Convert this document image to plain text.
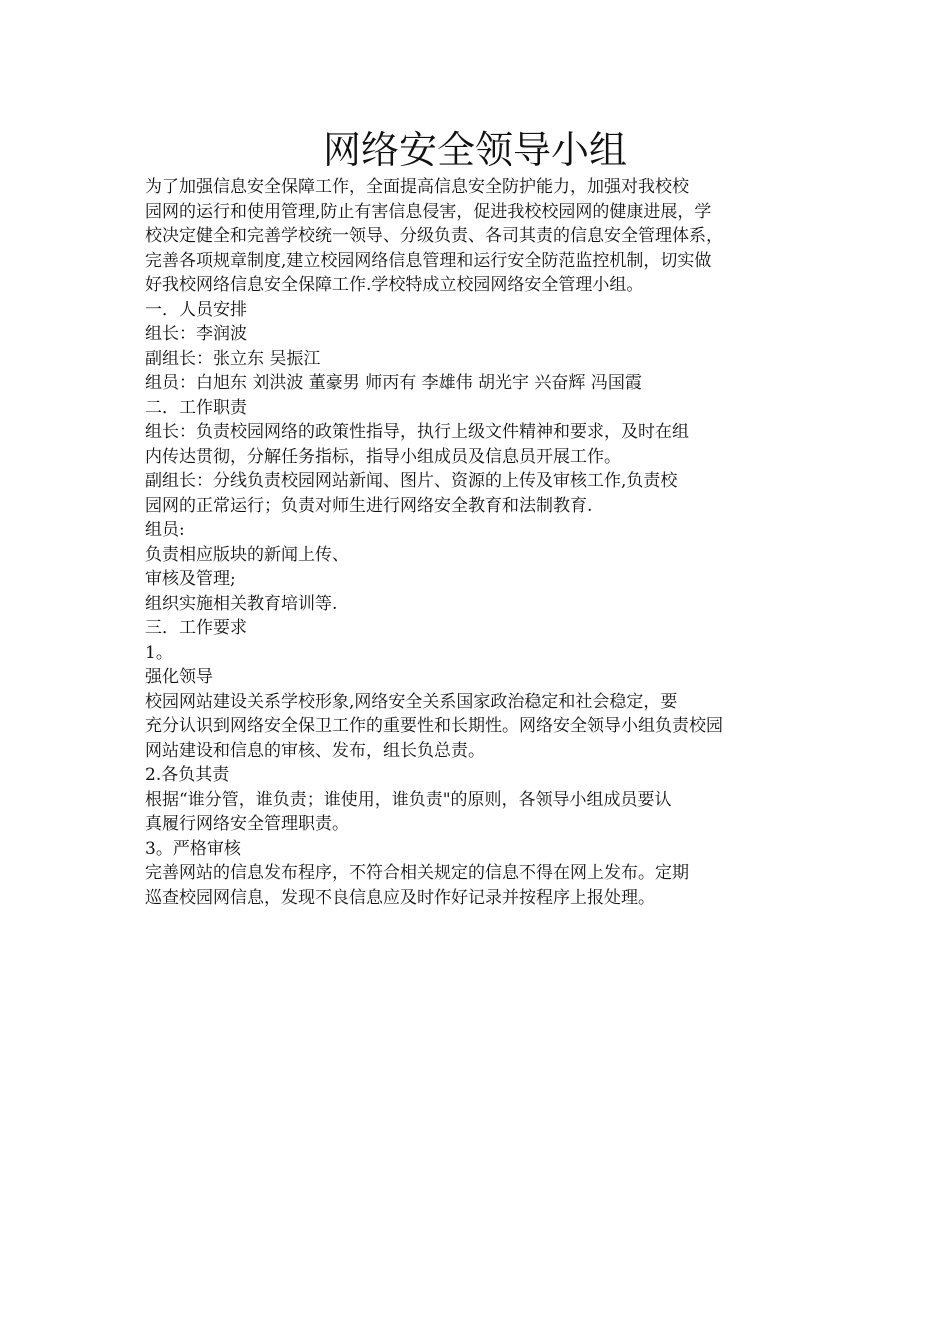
网络安全领导小组

为了加强信息安全保障工作，全面提高信息安全防护能力，加强对我校校

园网的运行和使用管理,防止有害信息侵害，促进我校校园网的健康进展，学

校决定健全和完善学校统一领导、分级负责、各司其责的信息安全管理体系，

完善各项规章制度,建立校园网络信息管理和运行安全防范监控机制，切实做

好我校网络信息安全保障工作.学校特成立校园网络安全管理小组。

一．人员安排

组长：李润波

副组长：张立东 吴振江

组员：白旭东 刘洪波 董豪男 师丙有 李雄伟 胡光宇 兴奋辉 冯国霞

二．工作职责

组长：负责校园网络的政策性指导，执行上级文件精神和要求，及时在组

内传达贯彻，分解任务指标，指导小组成员及信息员开展工作。

副组长：分线负责校园网站新闻、图片、资源的上传及审核工作,负责校

园网的正常运行；负责对师生进行网络安全教育和法制教育.

组员:

负责相应版块的新闻上传、

审核及管理;

组织实施相关教育培训等.

三．工作要求

1。

强化领导

校园网站建设关系学校形象,网络安全关系国家政治稳定和社会稳定，要

充分认识到网络安全保卫工作的重要性和长期性。网络安全领导小组负责校园

网站建设和信息的审核、发布，组长负总责。

2.各负其责

根据“谁分管，谁负责；谁使用，谁负责"的原则，各领导小组成员要认

真履行网络安全管理职责。

3。严格审核

完善网站的信息发布程序，不符合相关规定的信息不得在网上发布。定期

巡查校园网信息，发现不良信息应及时作好记录并按程序上报处理。
